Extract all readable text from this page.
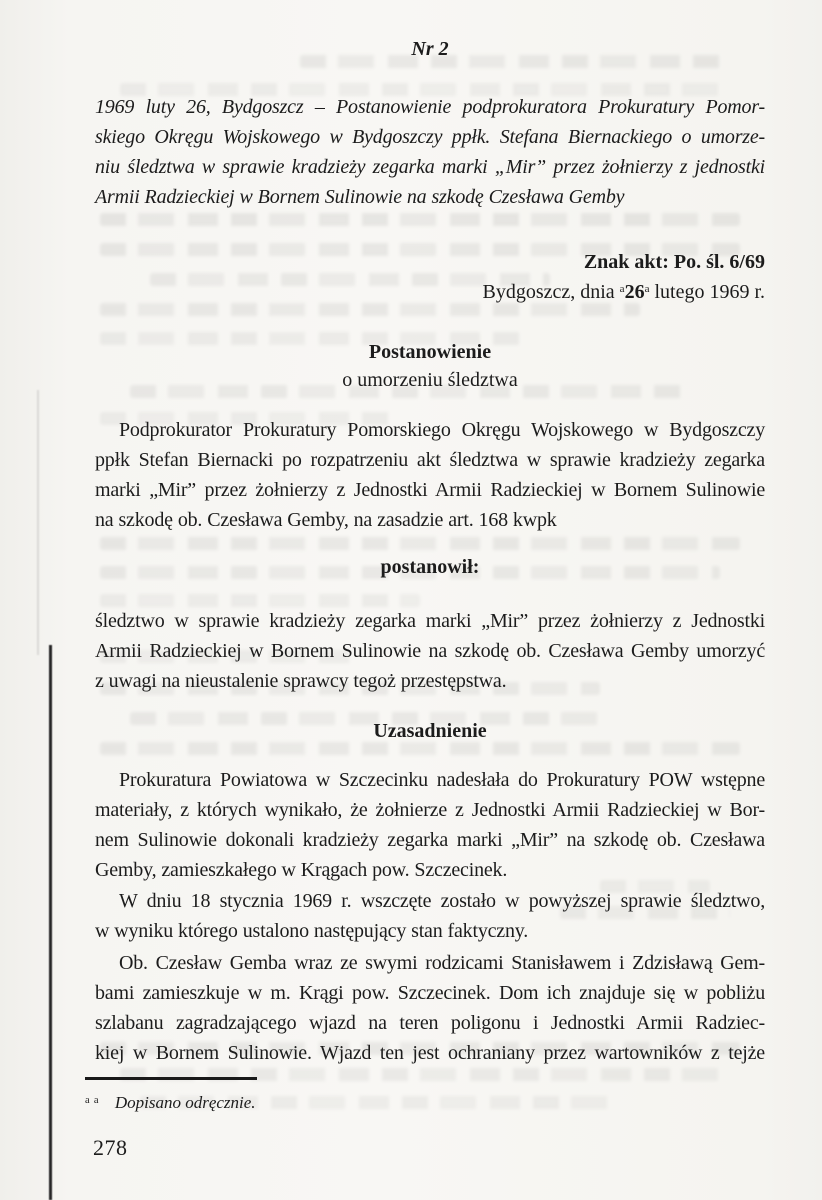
Nr 2
1969 luty 26, Bydgoszcz – Postanowienie podprokuratora Prokuratury Pomor-
skiego Okręgu Wojskowego w Bydgoszczy ppłk. Stefana Biernackiego o umorze-
niu śledztwa w sprawie kradzieży zegarka marki „Mir” przez żołnierzy z jednostki
Armii Radzieckiej w Bornem Sulinowie na szkodę Czesława Gemby
Znak akt: Po. śl. 6/69
Bydgoszcz, dnia $^a$26$^a$ lutego 1969 r.
Postanowienie
o umorzeniu śledztwa
Podprokurator Prokuratury Pomorskiego Okręgu Wojskowego w Bydgoszczy
ppłk Stefan Biernacki po rozpatrzeniu akt śledztwa w sprawie kradzieży zegarka
marki „Mir” przez żołnierzy z Jednostki Armii Radzieckiej w Bornem Sulinowie
na szkodę ob. Czesława Gemby, na zasadzie art. 168 kwpk
postanowił:
śledztwo w sprawie kradzieży zegarka marki „Mir” przez żołnierzy z Jednostki
Armii Radzieckiej w Bornem Sulinowie na szkodę ob. Czesława Gemby umorzyć
z uwagi na nieustalenie sprawcy tegoż przestępstwa.
Uzasadnienie
Prokuratura Powiatowa w Szczecinku nadesłała do Prokuratury POW wstępne
materiały, z których wynikało, że żołnierze z Jednostki Armii Radzieckiej w Bor-
nem Sulinowie dokonali kradzieży zegarka marki „Mir” na szkodę ob. Czesława
Gemby, zamieszkałego w Krągach pow. Szczecinek.
W dniu 18 stycznia 1969 r. wszczęte zostało w powyższej sprawie śledztwo,
w wyniku którego ustalono następujący stan faktyczny.
Ob. Czesław Gemba wraz ze swymi rodzicami Stanisławem i Zdzisławą Gem-
bami zamieszkuje w m. Krągi pow. Szczecinek. Dom ich znajduje się w pobliżu
szlabanu zagradzającego wjazd na teren poligonu i Jednostki Armii Radziec-
kiej w Bornem Sulinowie. Wjazd ten jest ochraniany przez wartowników z tejże
$^a$ $^a$ Dopisano odręcznie.
278
